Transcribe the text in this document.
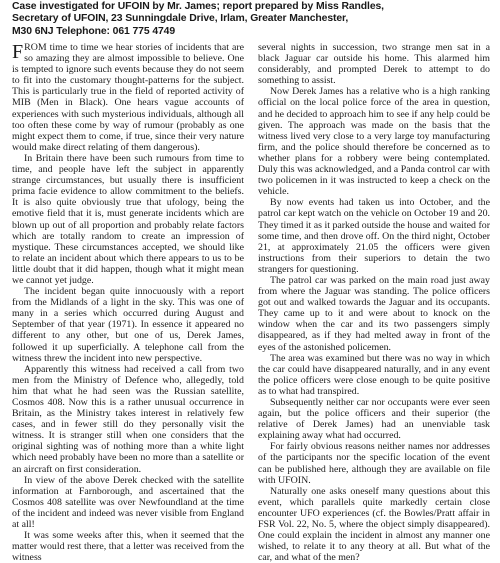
Case investigated for UFOIN by Mr. James; report prepared by Miss Randles,
Secretary of UFOIN, 23 Sunningdale Drive, Irlam, Greater Manchester,
M30 6NJ Telephone: 061 775 4749

FROM time to time we hear stories of incidents that are so amazing they are almost impossible to believe. One is tempted to ignore such events because they do not seem to fit into the customary thought-patterns for the subject. This is particularly true in the field of reported activity of MIB (Men in Black). One hears vague accounts of experiences with such mysterious individuals, although all too often these come by way of rumour (probably as one might expect them to come, if true, since their very nature would make direct relating of them dangerous).

In Britain there have been such rumours from time to time, and people have left the subject in apparently strange circumstances, but usually there is insufficient prima facie evidence to allow commitment to the beliefs. It is also quite obviously true that ufology, being the emotive field that it is, must generate incidents which are blown up out of all proportion and probably relate factors which are totally random to create an impression of mystique. These circumstances accepted, we should like to relate an incident about which there appears to us to be little doubt that it did happen, though what it might mean we cannot yet judge.

The incident began quite innocuously with a report from the Midlands of a light in the sky. This was one of many in a series which occurred during August and September of that year (1971). In essence it appeared no different to any other, but one of us, Derek James, followed it up superficially. A telephone call from the witness threw the incident into new perspective.

Apparently this witness had received a call from two men from the Ministry of Defence who, allegedly, told him that what he had seen was the Russian satellite, Cosmos 408. Now this is a rather unusual occurrence in Britain, as the Ministry takes interest in relatively few cases, and in fewer still do they personally visit the witness. It is stranger still when one considers that the original sighting was of nothing more than a white light which need probably have been no more than a satellite or an aircraft on first consideration.

In view of the above Derek checked with the satellite information at Farnborough, and ascertained that the Cosmos 408 satellite was over Newfoundland at the time of the incident and indeed was never visible from England at all!

It was some weeks after this, when it seemed that the matter would rest there, that a letter was received from the witness

several nights in succession, two strange men sat in a black Jaguar car outside his home. This alarmed him considerably, and prompted Derek to attempt to do something to assist.

Now Derek James has a relative who is a high ranking official on the local police force of the area in question, and he decided to approach him to see if any help could be given. The approach was made on the basis that the witness lived very close to a very large toy manufacturing firm, and the police should therefore be concerned as to whether plans for a robbery were being contemplated. Duly this was acknowledged, and a Panda control car with two policemen in it was instructed to keep a check on the vehicle.

By now events had taken us into October, and the patrol car kept watch on the vehicle on October 19 and 20. They timed it as it parked outside the house and waited for some time, and then drove off. On the third night, October 21, at approximately 21.05 the officers were given instructions from their superiors to detain the two strangers for questioning.

The patrol car was parked on the main road just away from where the Jaguar was standing. The police officers got out and walked towards the Jaguar and its occupants. They came up to it and were about to knock on the window when the car and its two passengers simply disappeared, as if they had melted away in front of the eyes of the astonished policemen.

The area was examined but there was no way in which the car could have disappeared naturally, and in any event the police officers were close enough to be quite positive as to what had transpired.

Subsequently neither car nor occupants were ever seen again, but the police officers and their superior (the relative of Derek James) had an unenviable task explaining away what had occurred.

For fairly obvious reasons neither names nor addresses of the participants nor the specific location of the event can be published here, although they are available on file with UFOIN.

Naturally one asks oneself many questions about this event, which parallels quite markedly certain close encounter UFO experiences (cf. the Bowles/Pratt affair in FSR Vol. 22, No. 5, where the object simply disappeared). One could explain the incident in almost any manner one wished, to relate it to any theory at all. But what of the car, and what of the men?
